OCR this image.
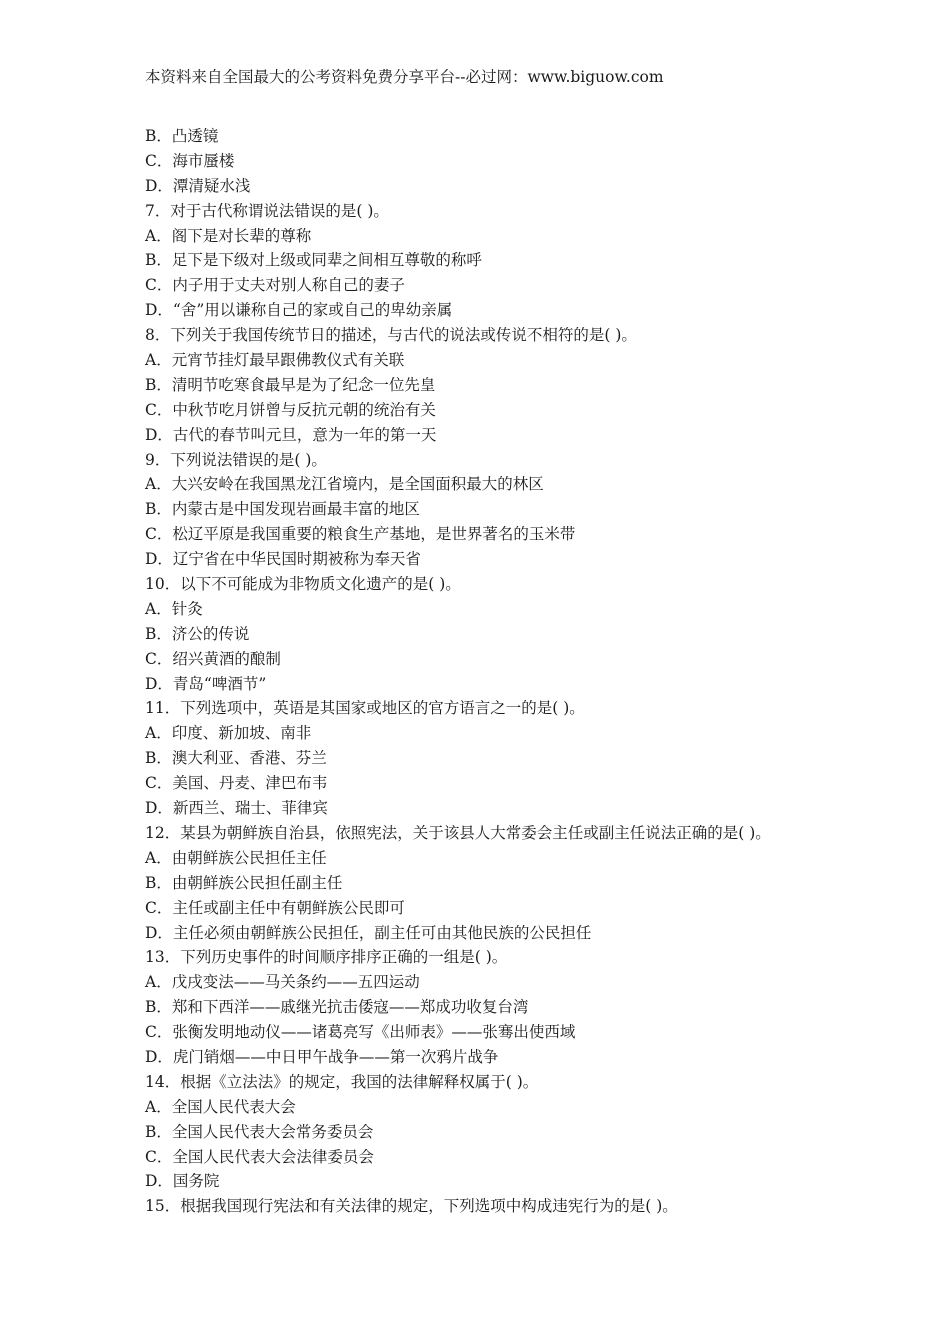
本资料来自全国最大的公考资料免费分享平台--必过网：www.biguow.com
B．凸透镜
C．海市蜃楼
D．潭清疑水浅
7．对于古代称谓说法错误的是( )。
A．阁下是对长辈的尊称
B．足下是下级对上级或同辈之间相互尊敬的称呼
C．内子用于丈夫对别人称自己的妻子
D．“舍”用以谦称自己的家或自己的卑幼亲属
8．下列关于我国传统节日的描述，与古代的说法或传说不相符的是( )。
A．元宵节挂灯最早跟佛教仪式有关联
B．清明节吃寒食最早是为了纪念一位先皇
C．中秋节吃月饼曾与反抗元朝的统治有关
D．古代的春节叫元旦，意为一年的第一天
9．下列说法错误的是( )。
A．大兴安岭在我国黑龙江省境内，是全国面积最大的林区
B．内蒙古是中国发现岩画最丰富的地区
C．松辽平原是我国重要的粮食生产基地，是世界著名的玉米带
D．辽宁省在中华民国时期被称为奉天省
10．以下不可能成为非物质文化遗产的是( )。
A．针灸
B．济公的传说
C．绍兴黄酒的酿制
D．青岛“啤酒节”
11．下列选项中，英语是其国家或地区的官方语言之一的是( )。
A．印度、新加坡、南非
B．澳大利亚、香港、芬兰
C．美国、丹麦、津巴布韦
D．新西兰、瑞士、菲律宾
12．某县为朝鲜族自治县，依照宪法，关于该县人大常委会主任或副主任说法正确的是( )。
A．由朝鲜族公民担任主任
B．由朝鲜族公民担任副主任
C．主任或副主任中有朝鲜族公民即可
D．主任必须由朝鲜族公民担任，副主任可由其他民族的公民担任
13．下列历史事件的时间顺序排序正确的一组是( )。
A．戊戌变法——马关条约——五四运动
B．郑和下西洋——戚继光抗击倭寇——郑成功收复台湾
C．张衡发明地动仪——诸葛亮写《出师表》——张骞出使西域
D．虎门销烟——中日甲午战争——第一次鸦片战争
14．根据《立法法》的规定，我国的法律解释权属于( )。
A．全国人民代表大会
B．全国人民代表大会常务委员会
C．全国人民代表大会法律委员会
D．国务院
15．根据我国现行宪法和有关法律的规定，下列选项中构成违宪行为的是( )。
